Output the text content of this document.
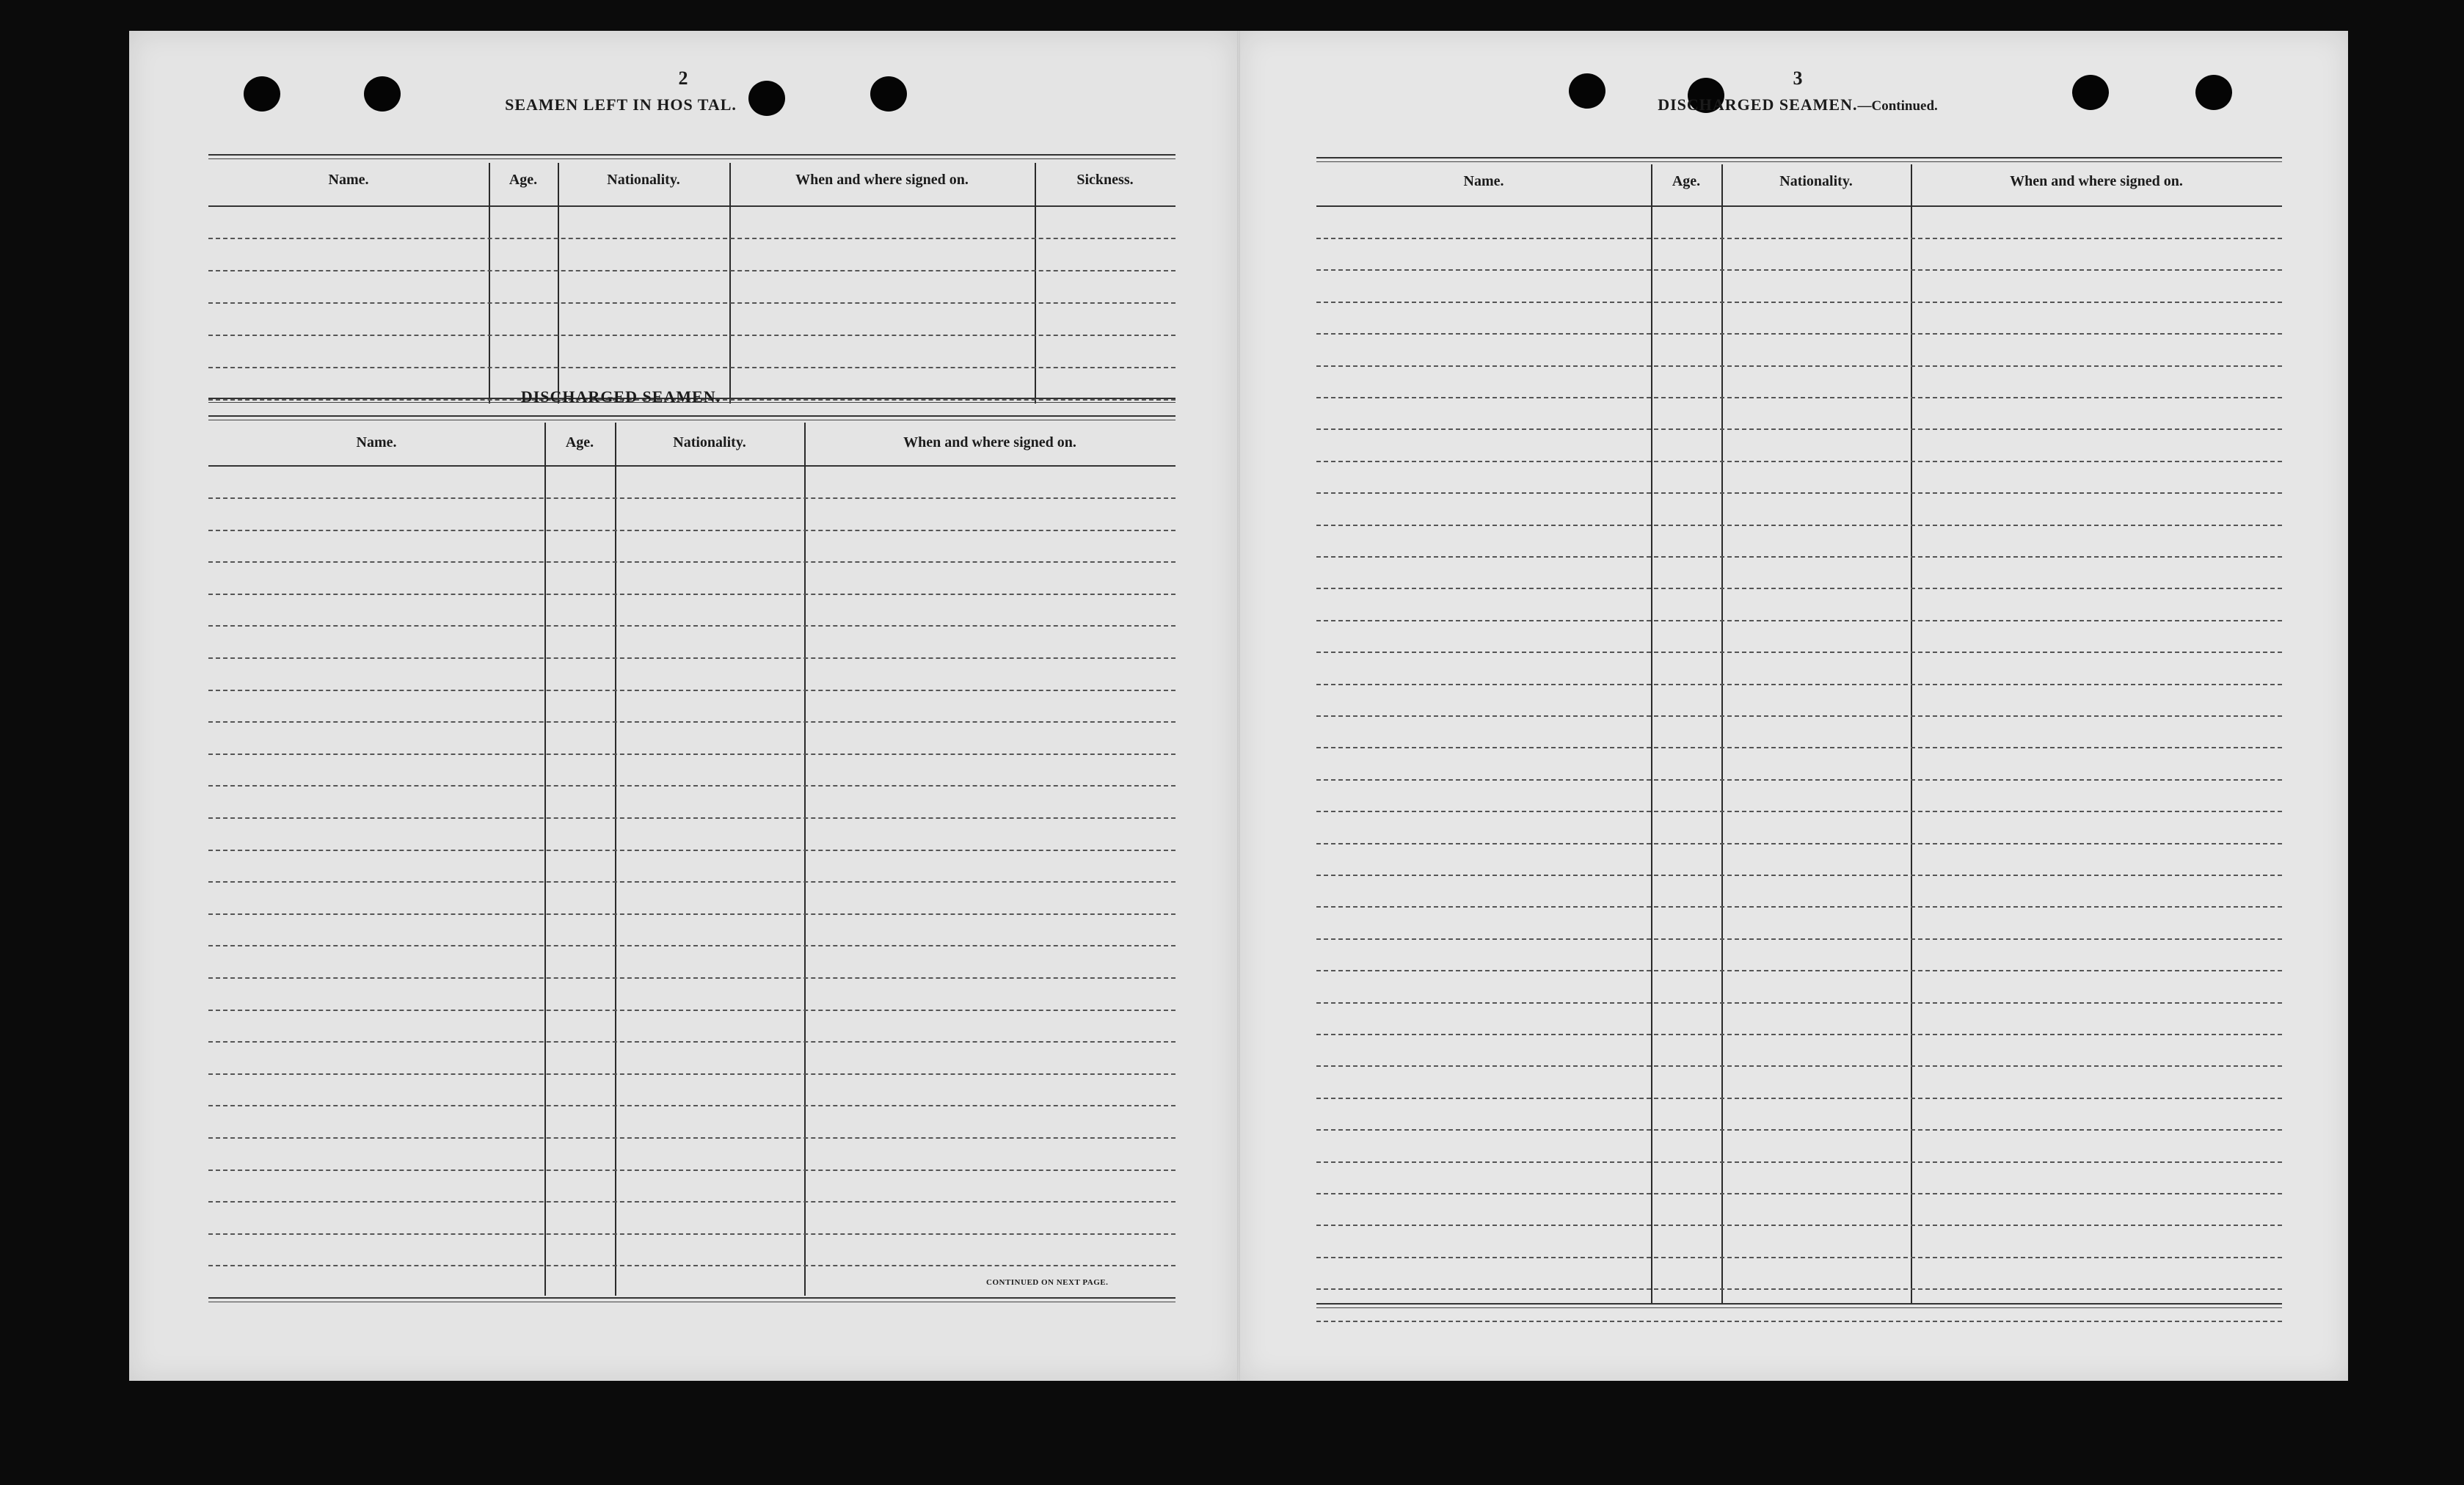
2
SEAMEN LEFT IN HOS TAL.
Name.	Age.	Nationality.	When and where signed on.	Sickness.
DISCHARGED SEAMEN.
Name.	Age.	Nationality.	When and where signed on.
CONTINUED ON NEXT PAGE.
3
DISCHARGED SEAMEN.—Continued.
Name.	Age.	Nationality.	When and where signed on.
